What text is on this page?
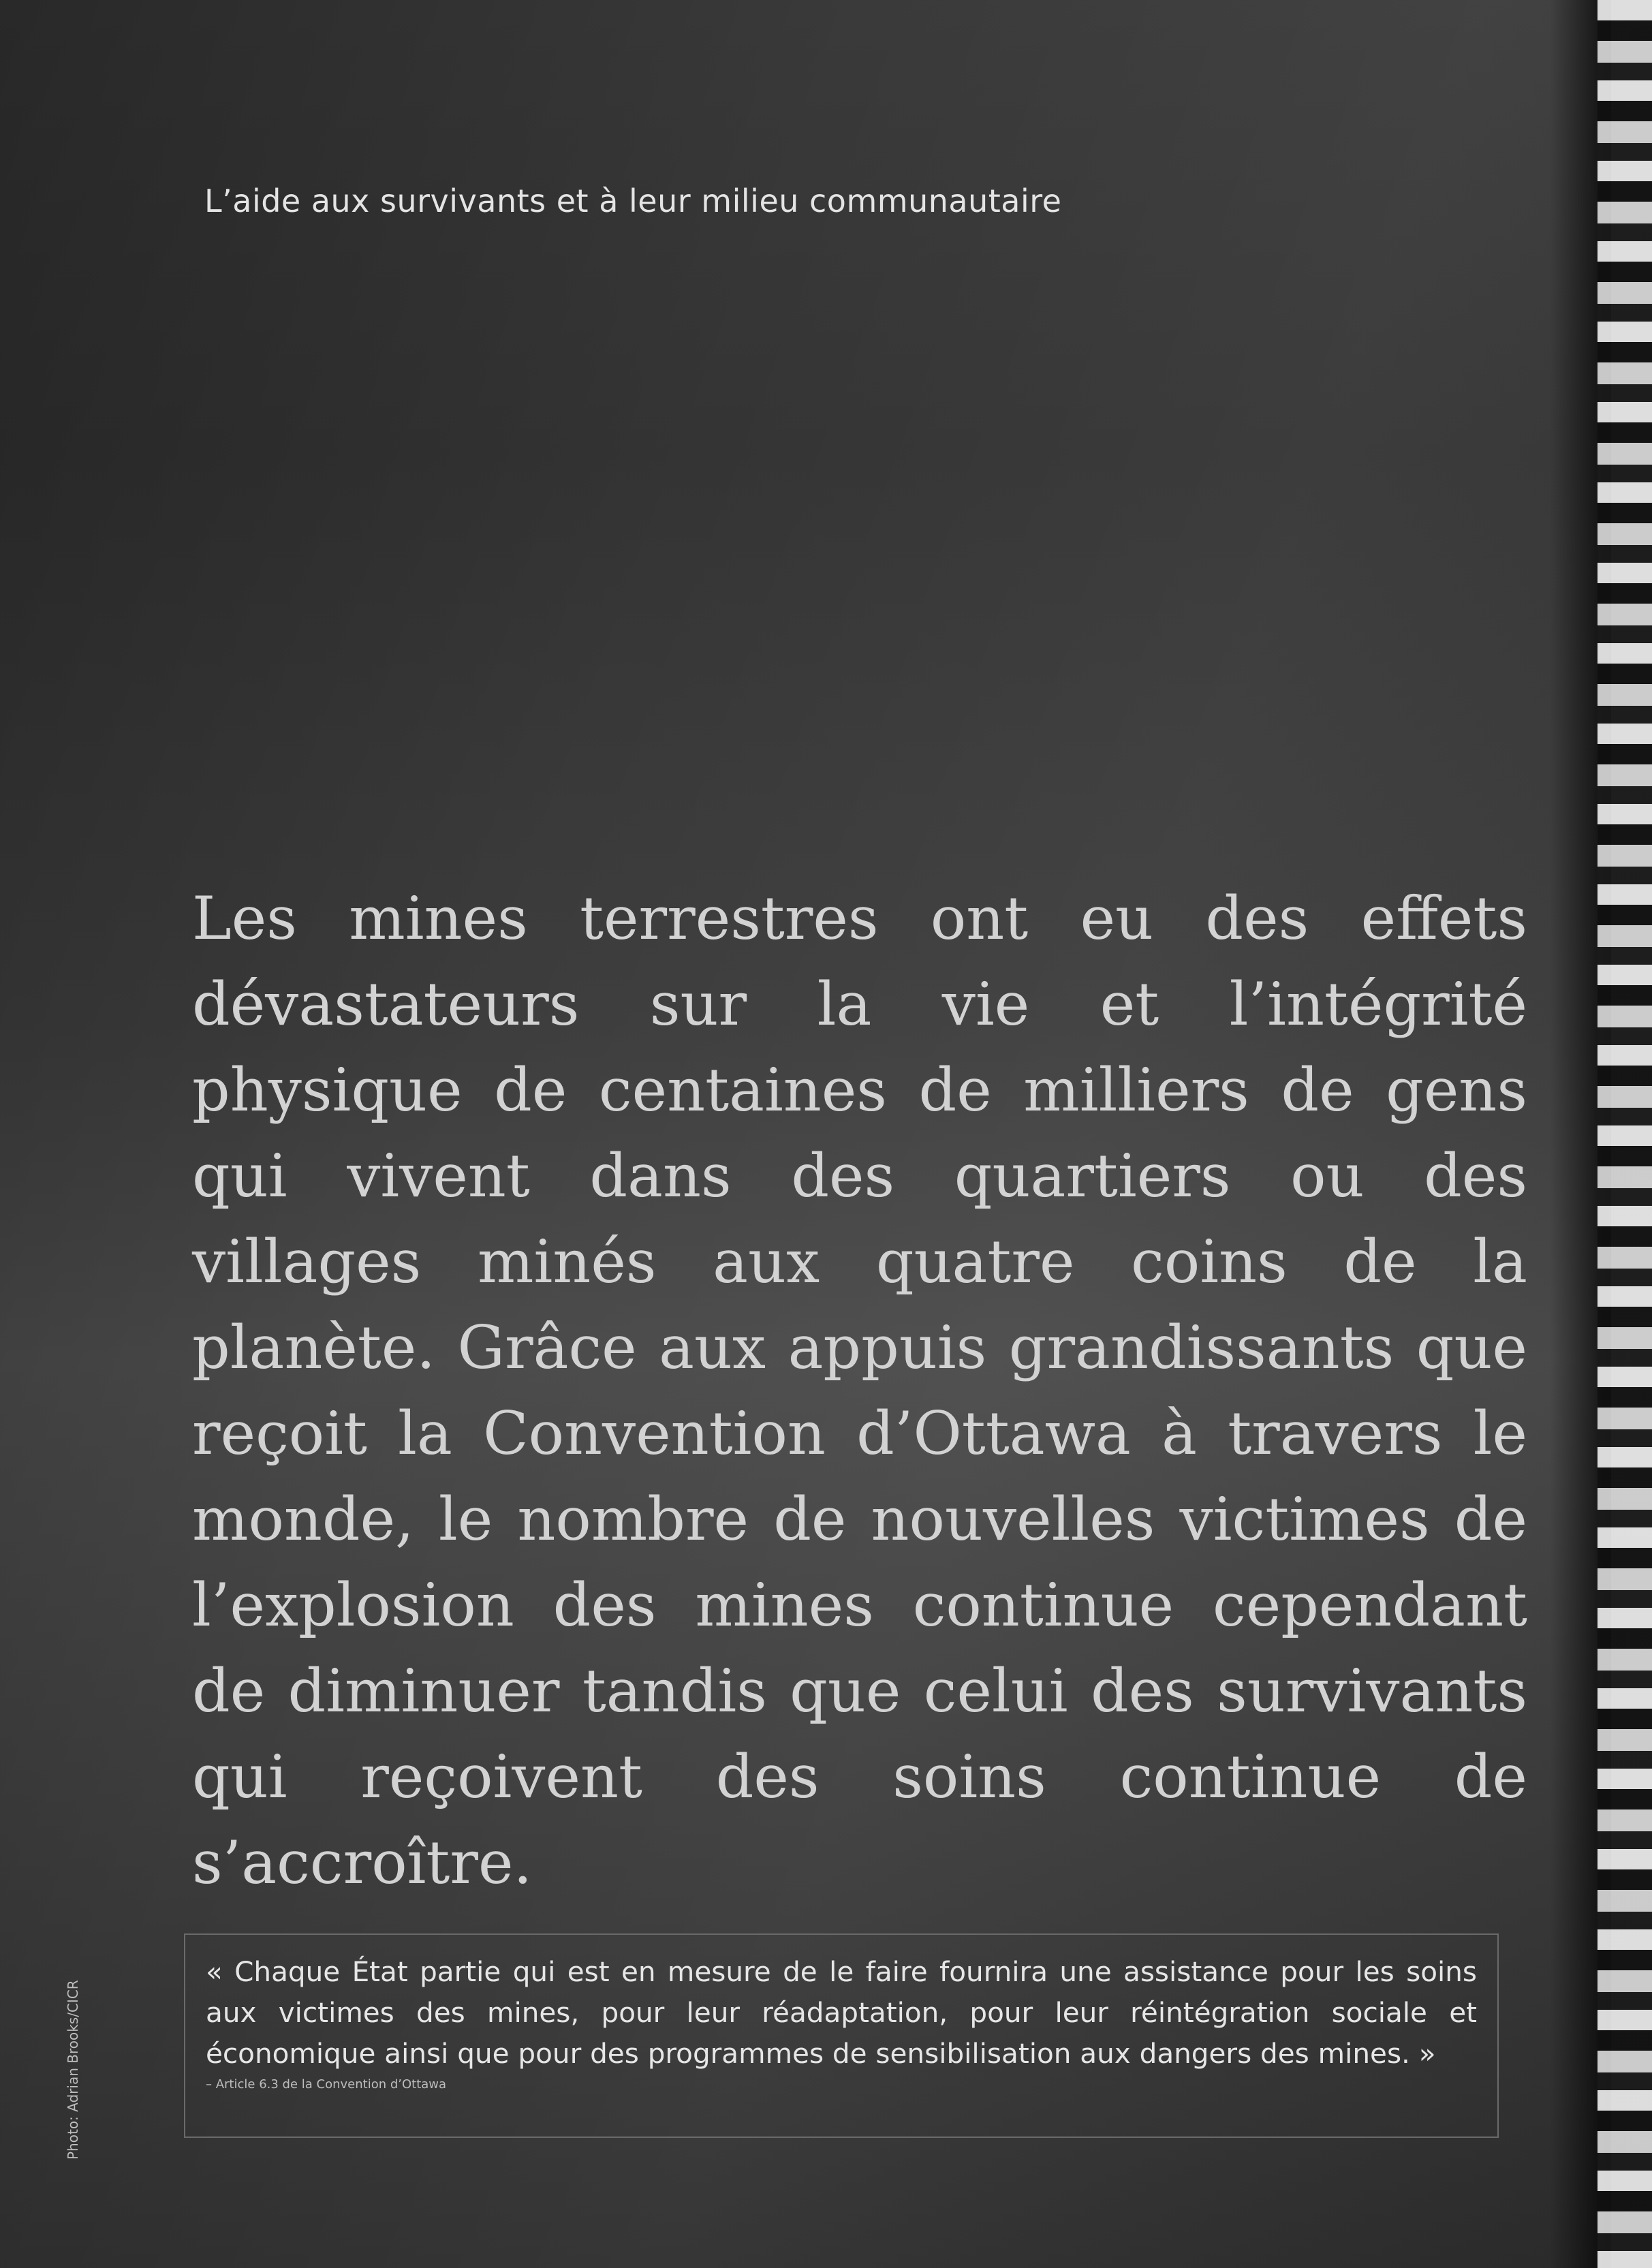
L’aide aux survivants et à leur milieu communautaire
Les mines terrestres ont eu des effets dévastateurs sur la vie et l’intégrité physique de centaines de milliers de gens qui vivent dans des quartiers ou des villages minés aux quatre coins de la planète. Grâce aux appuis grandissants que reçoit la Convention d’Ottawa à travers le monde, le nombre de nouvelles victimes de l’explosion des mines continue cependant de diminuer tandis que celui des survivants qui reçoivent des soins continue de s’accroître.

« Chaque État partie qui est en mesure de le faire fournira une assistance pour les soins aux victimes des mines, pour leur réadaptation, pour leur réintégration sociale et économique ainsi que pour des programmes de sensibilisation aux dangers des mines. »

– Article 6.3 de la Convention d’Ottawa

Photo: Adrian Brooks/CICR
